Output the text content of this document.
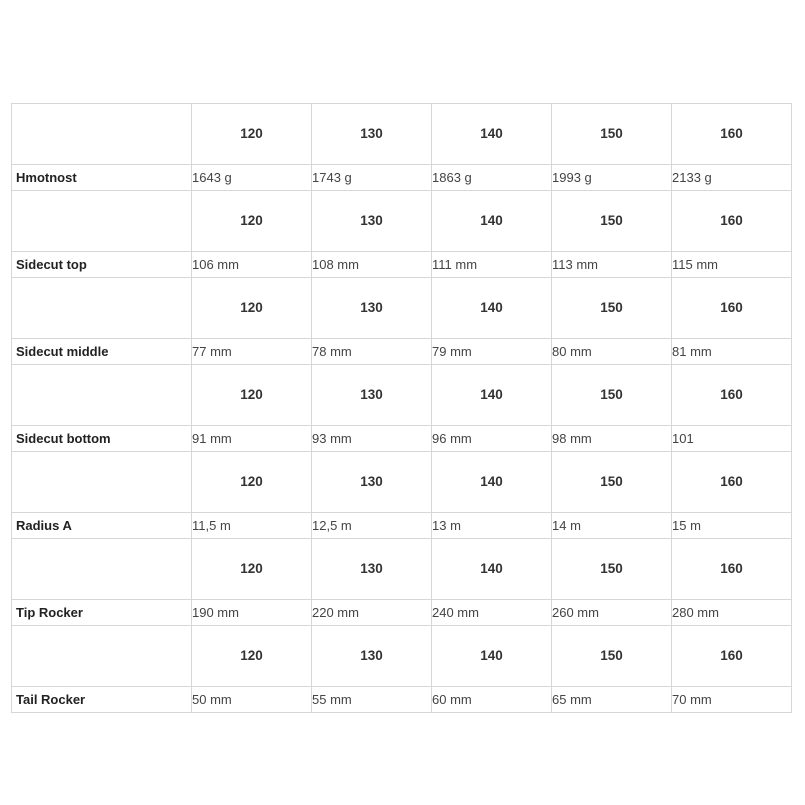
	120	130	140	150	160
Hmotnost	1643 g	1743 g	1863 g	1993 g	2133 g
	120	130	140	150	160
Sidecut top	106 mm	108 mm	111 mm	113 mm	115 mm
	120	130	140	150	160
Sidecut middle	77 mm	78 mm	79 mm	80 mm	81 mm
	120	130	140	150	160
Sidecut bottom	91 mm	93 mm	96 mm	98 mm	101
	120	130	140	150	160
Radius A	11,5 m	12,5 m	13 m	14 m	15 m
	120	130	140	150	160
Tip Rocker	190 mm	220 mm	240 mm	260 mm	280 mm
	120	130	140	150	160
Tail Rocker	50 mm	55 mm	60 mm	65 mm	70 mm
